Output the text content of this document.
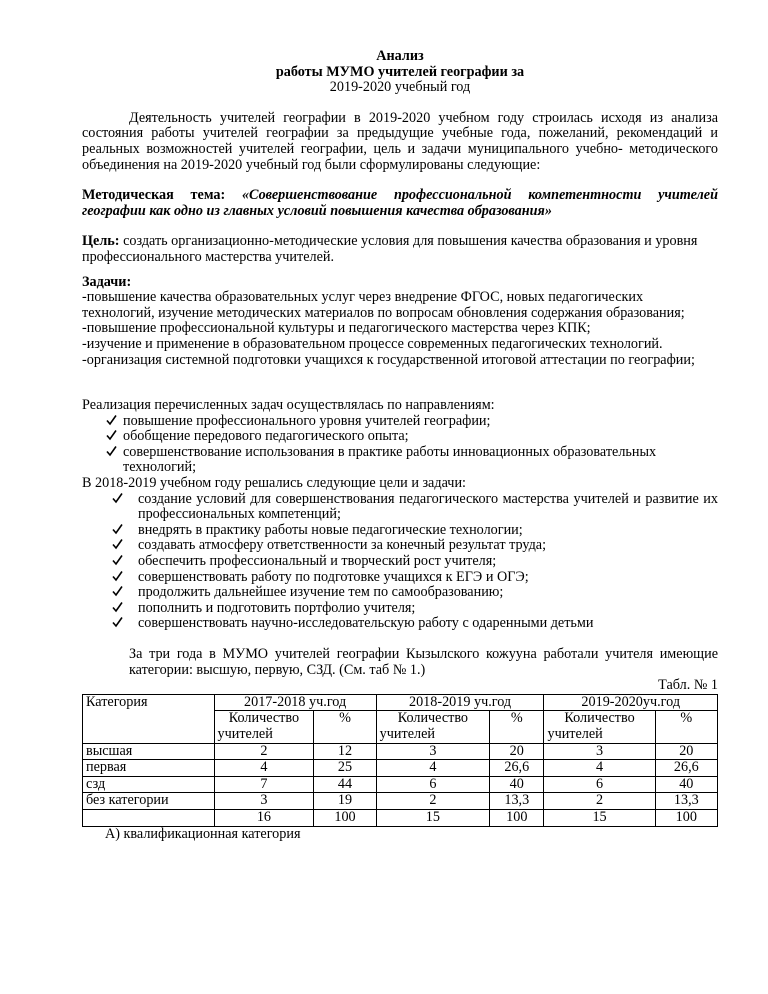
Анализ

работы МУМО учителей географии за

2019-2020 учебный год

Деятельность учителей географии в 2019-2020 учебном году строилась исходя из анализа состояния работы учителей географии за предыдущие учебные года, пожеланий, рекомендаций и реальных возможностей учителей географии, цель и задачи муниципального учебно- методического объединения на 2019-2020 учебный год были сформулированы следующие:

Методическая тема: «Совершенствование профессиональной компетентности учителей географии как одно из главных условий повышения качества образования»

Цель: создать организационно-методические условия для повышения качества образования и уровня профессионального мастерства учителей.

Задачи:

-повышение качества образовательных услуг через внедрение ФГОС, новых педагогических технологий, изучение методических материалов по вопросам обновления содержания образования;

-повышение профессиональной культуры и педагогического мастерства через КПК;

-изучение и применение в образовательном процессе современных педагогических технологий.

-организация системной подготовки учащихся к государственной итоговой аттестации по географии;

Реализация перечисленных задач осуществлялась по направлениям:

повышение профессионального уровня учителей географии;
обобщение передового педагогического опыта;
совершенствование использования в практике работы инновационных образовательных технологий;

В 2018-2019 учебном году решались следующие цели и задачи:

создание условий для совершенствования педагогического мастерства учителей и развитие их профессиональных компетенций;
внедрять в практику работы новые педагогические технологии;
создавать атмосферу ответственности за конечный результат труда;
обеспечить профессиональный и творческий рост учителя;
совершенствовать работу по подготовке учащихся к ЕГЭ и ОГЭ;
продолжить дальнейшее изучение тем по самообразованию;
пополнить и подготовить портфолио учителя;
совершенствовать научно-исследовательскую работу с одаренными детьми

За три года в МУМО учителей географии Кызылского кожууна работали учителя имеющие категории: высшую, первую, СЗД. (См. таб № 1.)

Табл. № 1

Категория	2017-2018 уч.год		2018-2019 уч.год		2019-2020уч.год	
	Количество
учителей	%	Количество
учителей	%	Количество
учителей	%
высшая	2	12	3	20	3	20
первая	4	25	4	26,6	4	26,6
сзд	7	44	6	40	6	40
без категории	3	19	2	13,3	2	13,3
	16	100	15	100	15	100

А) квалификационная категория
